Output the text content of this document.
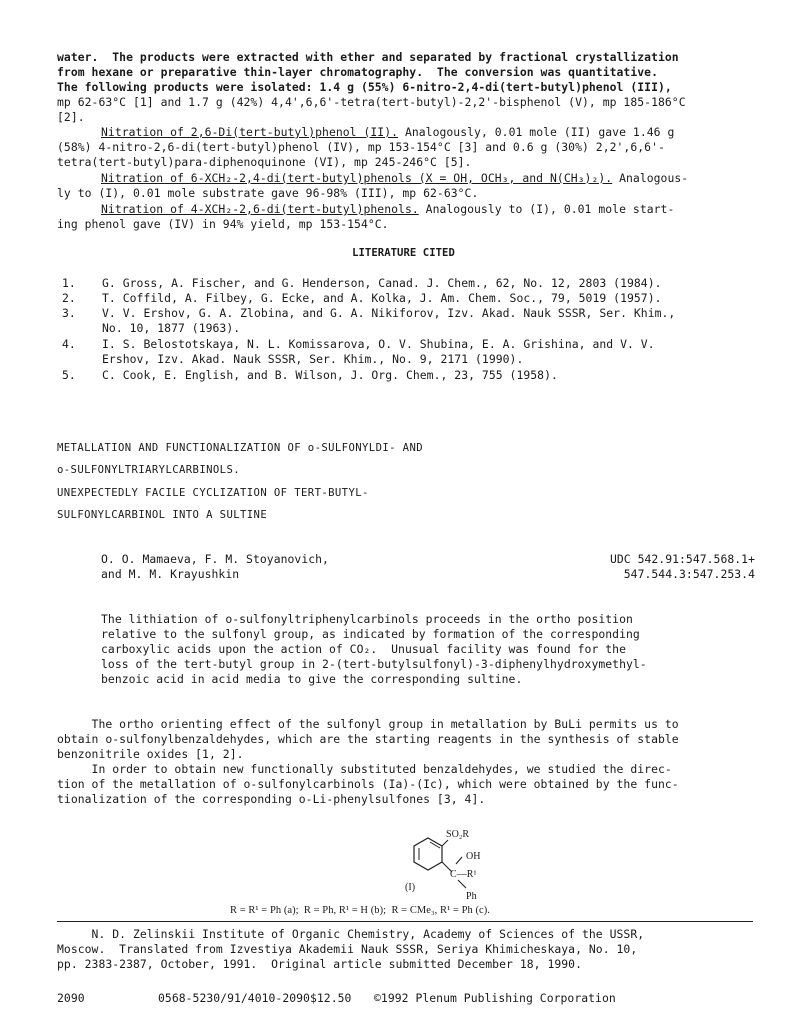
water.  The products were extracted with ether and separated by fractional crystallization
from hexane or preparative thin-layer chromatography.  The conversion was quantitative.
The following products were isolated: 1.4 g (55%) 6-nitro-2,4-di(tert-butyl)phenol (III),
mp 62-63°C [1] and 1.7 g (42%) 4,4',6,6'-tetra(tert-butyl)-2,2'-bisphenol (V), mp 185-186°C
[2].
Nitration of 2,6-Di(tert-butyl)phenol (II). Analogously, 0.01 mole (II) gave 1.46 g
(58%) 4-nitro-2,6-di(tert-butyl)phenol (IV), mp 153-154°C [3] and 0.6 g (30%) 2,2',6,6'-
tetra(tert-butyl)para-diphenoquinone (VI), mp 245-246°C [5].
Nitration of 6-XCH₂-2,4-di(tert-butyl)phenols (X = OH, OCH₃, and N(CH₃)₂). Analogous-
ly to (I), 0.01 mole substrate gave 96-98% (III), mp 62-63°C.
Nitration of 4-XCH₂-2,6-di(tert-butyl)phenols. Analogously to (I), 0.01 mole start-
ing phenol gave (IV) in 94% yield, mp 153-154°C.
LITERATURE CITED
1.	G. Gross, A. Fischer, and G. Henderson, Canad. J. Chem., 62, No. 12, 2803 (1984).
2.	T. Coffild, A. Filbey, G. Ecke, and A. Kolka, J. Am. Chem. Soc., 79, 5019 (1957).
3.	V. V. Ershov, G. A. Zlobina, and G. A. Nikiforov, Izv. Akad. Nauk SSSR, Ser. Khim.,
No. 10, 1877 (1963).
4.	I. S. Belostotskaya, N. L. Komissarova, O. V. Shubina, E. A. Grishina, and V. V.
Ershov, Izv. Akad. Nauk SSSR, Ser. Khim., No. 9, 2171 (1990).
5.	C. Cook, E. English, and B. Wilson, J. Org. Chem., 23, 755 (1958).
METALLATION AND FUNCTIONALIZATION OF o-SULFONYLDI- AND
o-SULFONYLTRIARYLCARBINOLS.
UNEXPECTEDLY FACILE CYCLIZATION OF TERT-BUTYL-
SULFONYLCARBINOL INTO A SULTINE
O. O. Mamaeva, F. M. Stoyanovich,
and M. M. Krayushkin
UDC 542.91:547.568.1+
547.544.3:547.253.4
The lithiation of o-sulfonyltriphenylcarbinols proceeds in the ortho position
relative to the sulfonyl group, as indicated by formation of the corresponding
carboxylic acids upon the action of CO₂.  Unusual facility was found for the
loss of the tert-butyl group in 2-(tert-butylsulfonyl)-3-diphenylhydroxymethyl-
benzoic acid in acid media to give the corresponding sultine.
The ortho orienting effect of the sulfonyl group in metallation by BuLi permits us to
obtain o-sulfonylbenzaldehydes, which are the starting reagents in the synthesis of stable
benzonitrile oxides [1, 2].
In order to obtain new functionally substituted benzaldehydes, we studied the direc-
tion of the metallation of o-sulfonylcarbinols (Ia)-(Ic), which were obtained by the func-
tionalization of the corresponding o-Li-phenylsulfones [3, 4].
SO₂R
OH
C—R¹
(I)
Ph
R = R¹ = Ph (a);  R = Ph, R¹ = H (b);  R = CMe₃, R¹ = Ph (c).
N. D. Zelinskii Institute of Organic Chemistry, Academy of Sciences of the USSR,
Moscow.  Translated from Izvestiya Akademii Nauk SSSR, Seriya Khimicheskaya, No. 10,
pp. 2383-2387, October, 1991.  Original article submitted December 18, 1990.
2090	0568-5230/91/4010-2090$12.50 ©1992 Plenum Publishing Corporation
